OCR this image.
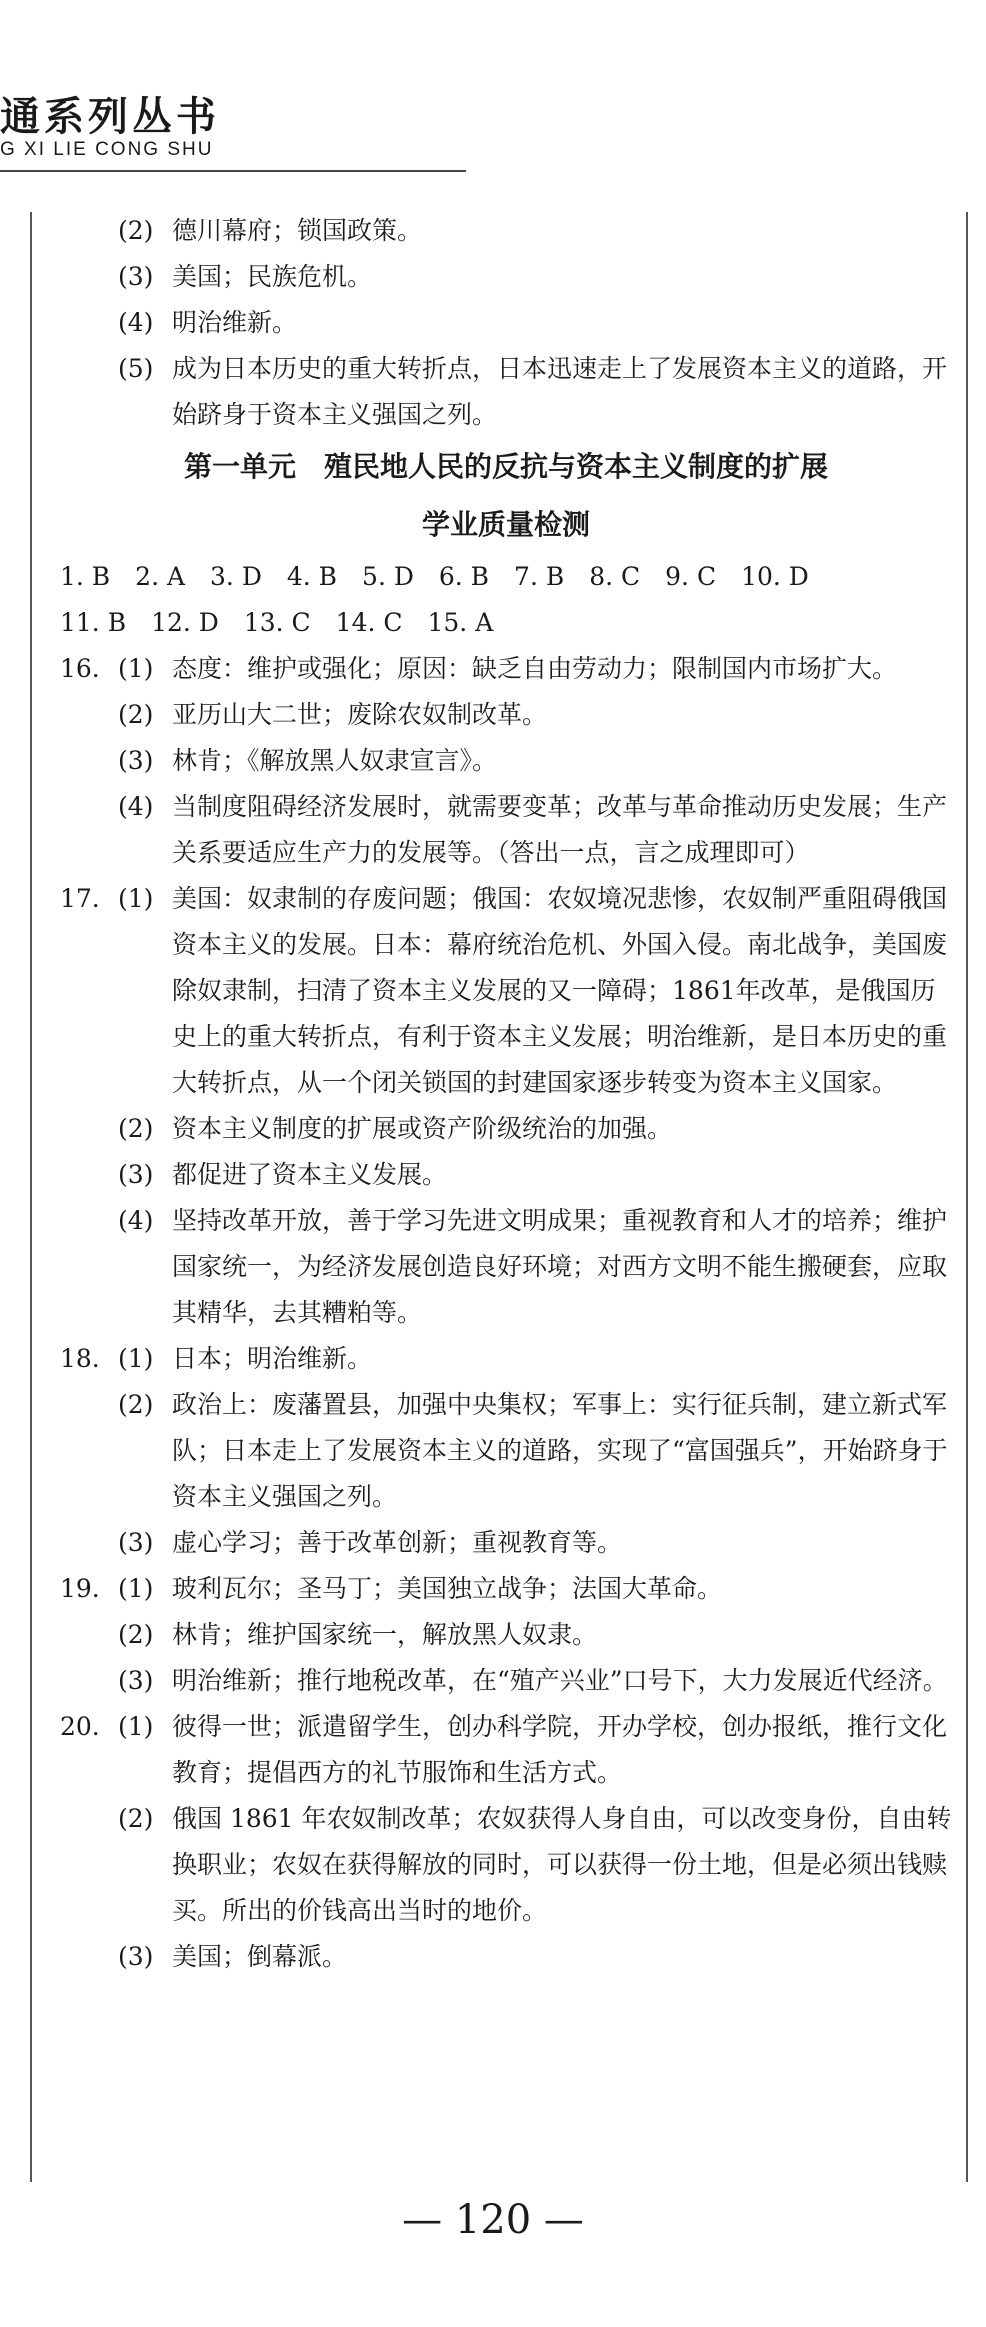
通系列丛书
G XI LIE CONG SHU
(2) 德川幕府；锁国政策。
(3) 美国；民族危机。
(4) 明治维新。
(5) 成为日本历史的重大转折点，日本迅速走上了发展资本主义的道路，开始跻身于资本主义强国之列。
第一单元　殖民地人民的反抗与资本主义制度的扩展
学业质量检测
1. B　2. A　3. D　4. B　5. D　6. B　7. B　8. C　9. C　10. D
11. B　12. D　13. C　14. C　15. A
16. (1) 态度：维护或强化；原因：缺乏自由劳动力；限制国内市场扩大。
(2) 亚历山大二世；废除农奴制改革。
(3) 林肯；《解放黑人奴隶宣言》。
(4) 当制度阻碍经济发展时，就需要变革；改革与革命推动历史发展；生产关系要适应生产力的发展等。（答出一点，言之成理即可）
17. (1) 美国：奴隶制的存废问题；俄国：农奴境况悲惨，农奴制严重阻碍俄国资本主义的发展。日本：幕府统治危机、外国入侵。南北战争，美国废除奴隶制，扫清了资本主义发展的又一障碍；1861年改革，是俄国历史上的重大转折点，有利于资本主义发展；明治维新，是日本历史的重大转折点，从一个闭关锁国的封建国家逐步转变为资本主义国家。
(2) 资本主义制度的扩展或资产阶级统治的加强。
(3) 都促进了资本主义发展。
(4) 坚持改革开放，善于学习先进文明成果；重视教育和人才的培养；维护国家统一，为经济发展创造良好环境；对西方文明不能生搬硬套，应取其精华，去其糟粕等。
18. (1) 日本；明治维新。
(2) 政治上：废藩置县，加强中央集权；军事上：实行征兵制，建立新式军队；日本走上了发展资本主义的道路，实现了“富国强兵”，开始跻身于资本主义强国之列。
(3) 虚心学习；善于改革创新；重视教育等。
19. (1) 玻利瓦尔；圣马丁；美国独立战争；法国大革命。
(2) 林肯；维护国家统一，解放黑人奴隶。
(3) 明治维新；推行地税改革，在“殖产兴业”口号下，大力发展近代经济。
20. (1) 彼得一世；派遣留学生，创办科学院，开办学校，创办报纸，推行文化教育；提倡西方的礼节服饰和生活方式。
(2) 俄国 1861 年农奴制改革；农奴获得人身自由，可以改变身份，自由转换职业；农奴在获得解放的同时，可以获得一份土地，但是必须出钱赎买。所出的价钱高出当时的地价。
(3) 美国；倒幕派。
— 120 —
